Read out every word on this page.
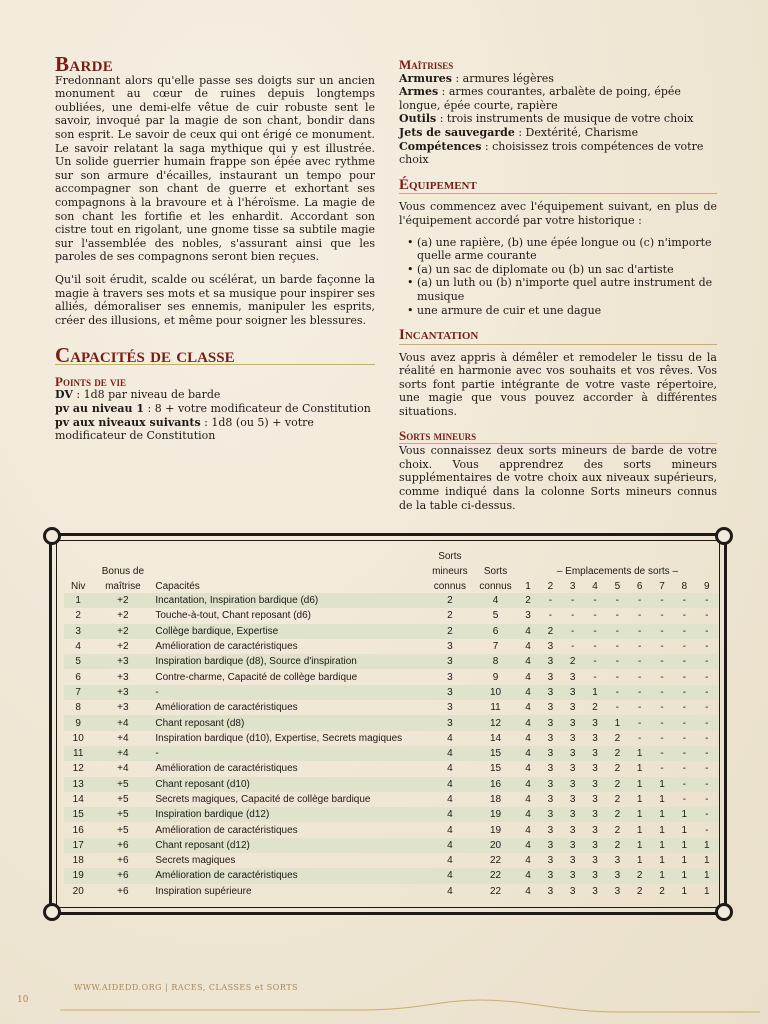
Barde

Fredonnant alors qu'elle passe ses doigts sur un ancien monument au cœur de ruines depuis longtemps oubliées, une demi-elfe vêtue de cuir robuste sent le savoir, invoqué par la magie de son chant, bondir dans son esprit. Le savoir de ceux qui ont érigé ce monument. Le savoir relatant la saga mythique qui y est illustrée. Un solide guerrier humain frappe son épée avec rythme sur son armure d'écailles, instaurant un tempo pour accompagner son chant de guerre et exhortant ses compagnons à la bravoure et à l'héroïsme. La magie de son chant les fortifie et les enhardit. Accordant son cistre tout en rigolant, une gnome tisse sa subtile magie sur l'assemblée des nobles, s'assurant ainsi que les paroles de ses compagnons seront bien reçues.

Qu'il soit érudit, scalde ou scélérat, un barde façonne la magie à travers ses mots et sa musique pour inspirer ses alliés, démoraliser ses ennemis, manipuler les esprits, créer des illusions, et même pour soigner les blessures.

Capacités de classe
Points de vie
DV : 1d8 par niveau de barde
pv au niveau 1 : 8 + votre modificateur de Constitution
pv aux niveaux suivants : 1d8 (ou 5) + votre modificateur de Constitution
Maîtrises
Armures : armures légères
Armes : armes courantes, arbalète de poing, épée longue, épée courte, rapière
Outils : trois instruments de musique de votre choix
Jets de sauvegarde : Dextérité, Charisme
Compétences : choisissez trois compétences de votre choix
Équipement

Vous commencez avec l'équipement suivant, en plus de l'équipement accordé par votre historique :

• (a) une rapière, (b) une épée longue ou (c) n'importe quelle arme courante
• (a) un sac de diplomate ou (b) un sac d'artiste
• (a) un luth ou (b) n'importe quel autre instrument de musique
• une armure de cuir et une dague
Incantation

Vous avez appris à démêler et remodeler le tissu de la réalité en harmonie avec vos souhaits et vos rêves. Vos sorts font partie intégrante de votre vaste répertoire, une magie que vous pouvez accorder à différentes situations.

Sorts mineurs

Vous connaissez deux sorts mineurs de barde de votre choix. Vous apprendrez des sorts mineurs supplémentaires de votre choix aux niveaux supérieurs, comme indiqué dans la colonne Sorts mineurs connus de la table ci-dessus.

			Sorts										
	Bonus de		mineurs	Sorts	– Emplacements de sorts –								
Niv	maîtrise	Capacités	connus	connus	1	2	3	4	5	6	7	8	9
1	+2	Incantation, Inspiration bardique (d6)	2	4	2	-	-	-	-	-	-	-	-
2	+2	Touche-à-tout, Chant reposant (d6)	2	5	3	-	-	-	-	-	-	-	-
3	+2	Collège bardique, Expertise	2	6	4	2	-	-	-	-	-	-	-
4	+2	Amélioration de caractéristiques	3	7	4	3	-	-	-	-	-	-	-
5	+3	Inspiration bardique (d8), Source d'inspiration	3	8	4	3	2	-	-	-	-	-	-
6	+3	Contre-charme, Capacité de collège bardique	3	9	4	3	3	-	-	-	-	-	-
7	+3	-	3	10	4	3	3	1	-	-	-	-	-
8	+3	Amélioration de caractéristiques	3	11	4	3	3	2	-	-	-	-	-
9	+4	Chant reposant (d8)	3	12	4	3	3	3	1	-	-	-	-
10	+4	Inspiration bardique (d10), Expertise, Secrets magiques	4	14	4	3	3	3	2	-	-	-	-
11	+4	-	4	15	4	3	3	3	2	1	-	-	-
12	+4	Amélioration de caractéristiques	4	15	4	3	3	3	2	1	-	-	-
13	+5	Chant reposant (d10)	4	16	4	3	3	3	2	1	1	-	-
14	+5	Secrets magiques, Capacité de collège bardique	4	18	4	3	3	3	2	1	1	-	-
15	+5	Inspiration bardique (d12)	4	19	4	3	3	3	2	1	1	1	-
16	+5	Amélioration de caractéristiques	4	19	4	3	3	3	2	1	1	1	-
17	+6	Chant reposant (d12)	4	20	4	3	3	3	2	1	1	1	1
18	+6	Secrets magiques	4	22	4	3	3	3	3	1	1	1	1
19	+6	Amélioration de caractéristiques	4	22	4	3	3	3	3	2	1	1	1
20	+6	Inspiration supérieure	4	22	4	3	3	3	3	2	2	1	1
10
WWW.AIDEDD.ORG | RACES, CLASSES et SORTS
